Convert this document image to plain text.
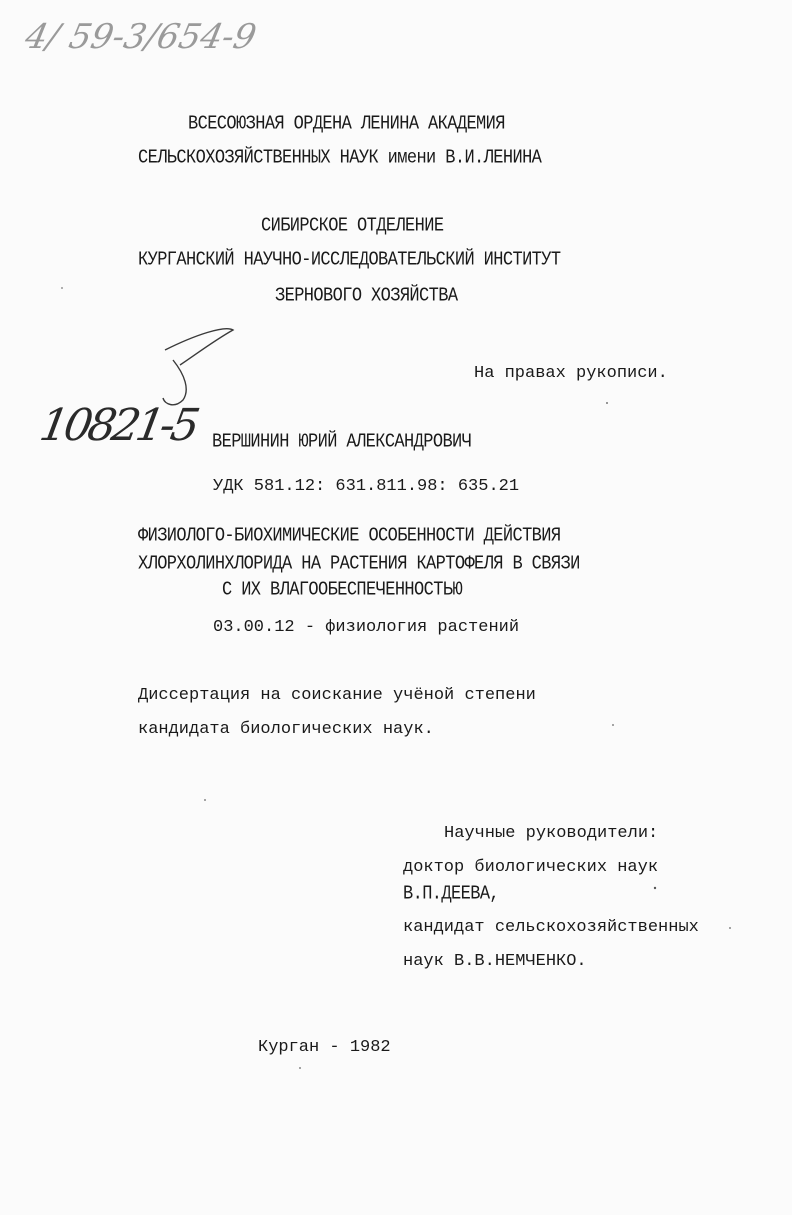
4/ 59-3/654-9
ВСЕСОЮЗНАЯ ОРДЕНА ЛЕНИНА АКАДЕМИЯ
СЕЛЬСКОХОЗЯЙСТВЕННЫХ НАУК имени В.И.ЛЕНИНА
СИБИРСКОЕ ОТДЕЛЕНИЕ
КУРГАНСКИЙ НАУЧНО-ИССЛЕДОВАТЕЛЬСКИЙ ИНСТИТУТ
ЗЕРНОВОГО ХОЗЯЙСТВА
10821-5
На правах рукописи.
ВЕРШИНИН ЮРИЙ АЛЕКСАНДРОВИЧ
УДК 581.12: 631.811.98: 635.21
ФИЗИОЛОГО-БИОХИМИЧЕСКИЕ ОСОБЕННОСТИ ДЕЙСТВИЯ
ХЛОРХОЛИНХЛОРИДА НА РАСТЕНИЯ КАРТОФЕЛЯ В СВЯЗИ
С ИХ ВЛАГООБЕСПЕЧЕННОСТЬЮ
03.00.12 - физиология растений
Диссертация на соискание учёной степени
кандидата биологических наук.
Научные руководители:
доктор биологических наук
В.П.ДЕЕВА,
кандидат сельскохозяйственных
наук В.В.НЕМЧЕНКО.
Курган - 1982
